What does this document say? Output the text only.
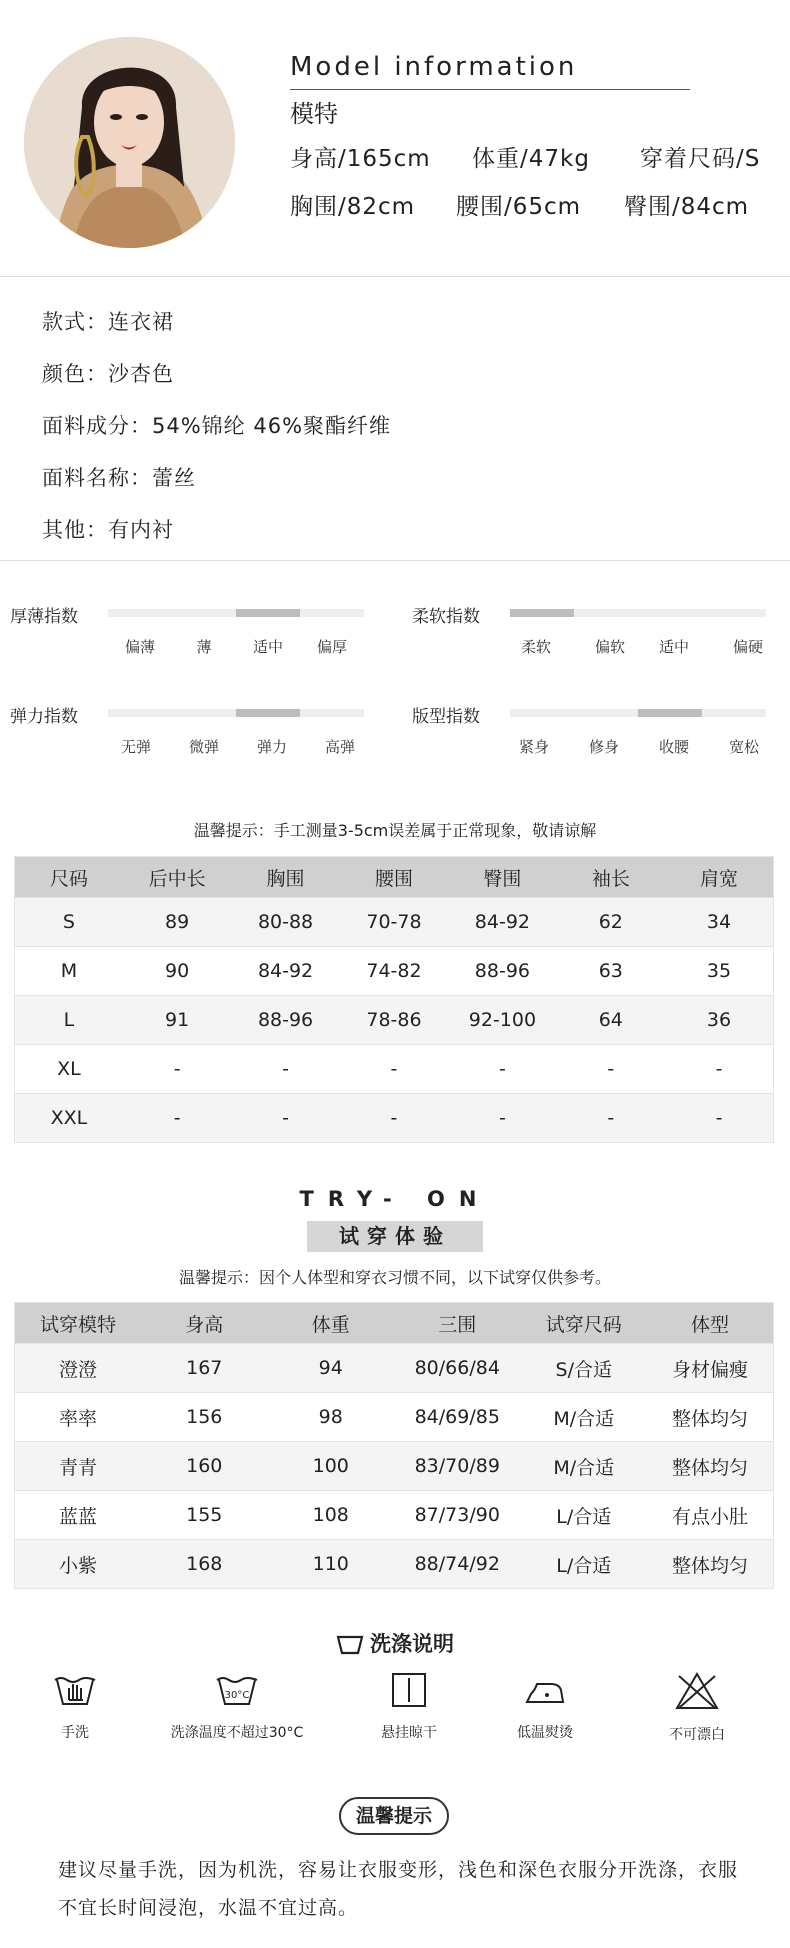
Model information
模特
身高/165cm 体重/47kg 穿着尺码/S
胸围/82cm 腰围/65cm 臀围/84cm
款式：连衣裙
颜色：沙杏色
面料成分：54%锦纶 46%聚酯纤维
面料名称：蕾丝
其他：有内衬
厚薄指数
偏薄	薄	适中	偏厚
柔软指数
柔软	偏软	适中	偏硬
弹力指数
无弹	微弹	弹力	高弹
版型指数
紧身	修身	收腰	宽松
温馨提示：手工测量3-5cm误差属于正常现象，敬请谅解
尺码	后中长	胸围	腰围	臀围	袖长	肩宽
S	89	80-88	70-78	84-92	62	34
M	90	84-92	74-82	88-96	63	35
L	91	88-96	78-86	92-100	64	36
XL	-	-	-	-	-	-
XXL	-	-	-	-	-	-
TRY- ON
试穿体验
温馨提示：因个人体型和穿衣习惯不同，以下试穿仅供参考。
试穿模特	身高	体重	三围	试穿尺码	体型
澄澄	167	94	80/66/84	S/合适	身材偏瘦
率率	156	98	84/69/85	M/合适	整体均匀
青青	160	100	83/70/89	M/合适	整体均匀
蓝蓝	155	108	87/73/90	L/合适	有点小肚
小紫	168	110	88/74/92	L/合适	整体均匀
洗涤说明
手洗
30°C
洗涤温度不超过30°C	悬挂晾干	低温熨烫	不可漂白
温馨提示
建议尽量手洗，因为机洗，容易让衣服变形，浅色和深色衣服分开洗涤，衣服不宜长时间浸泡，水温不宜过高。
